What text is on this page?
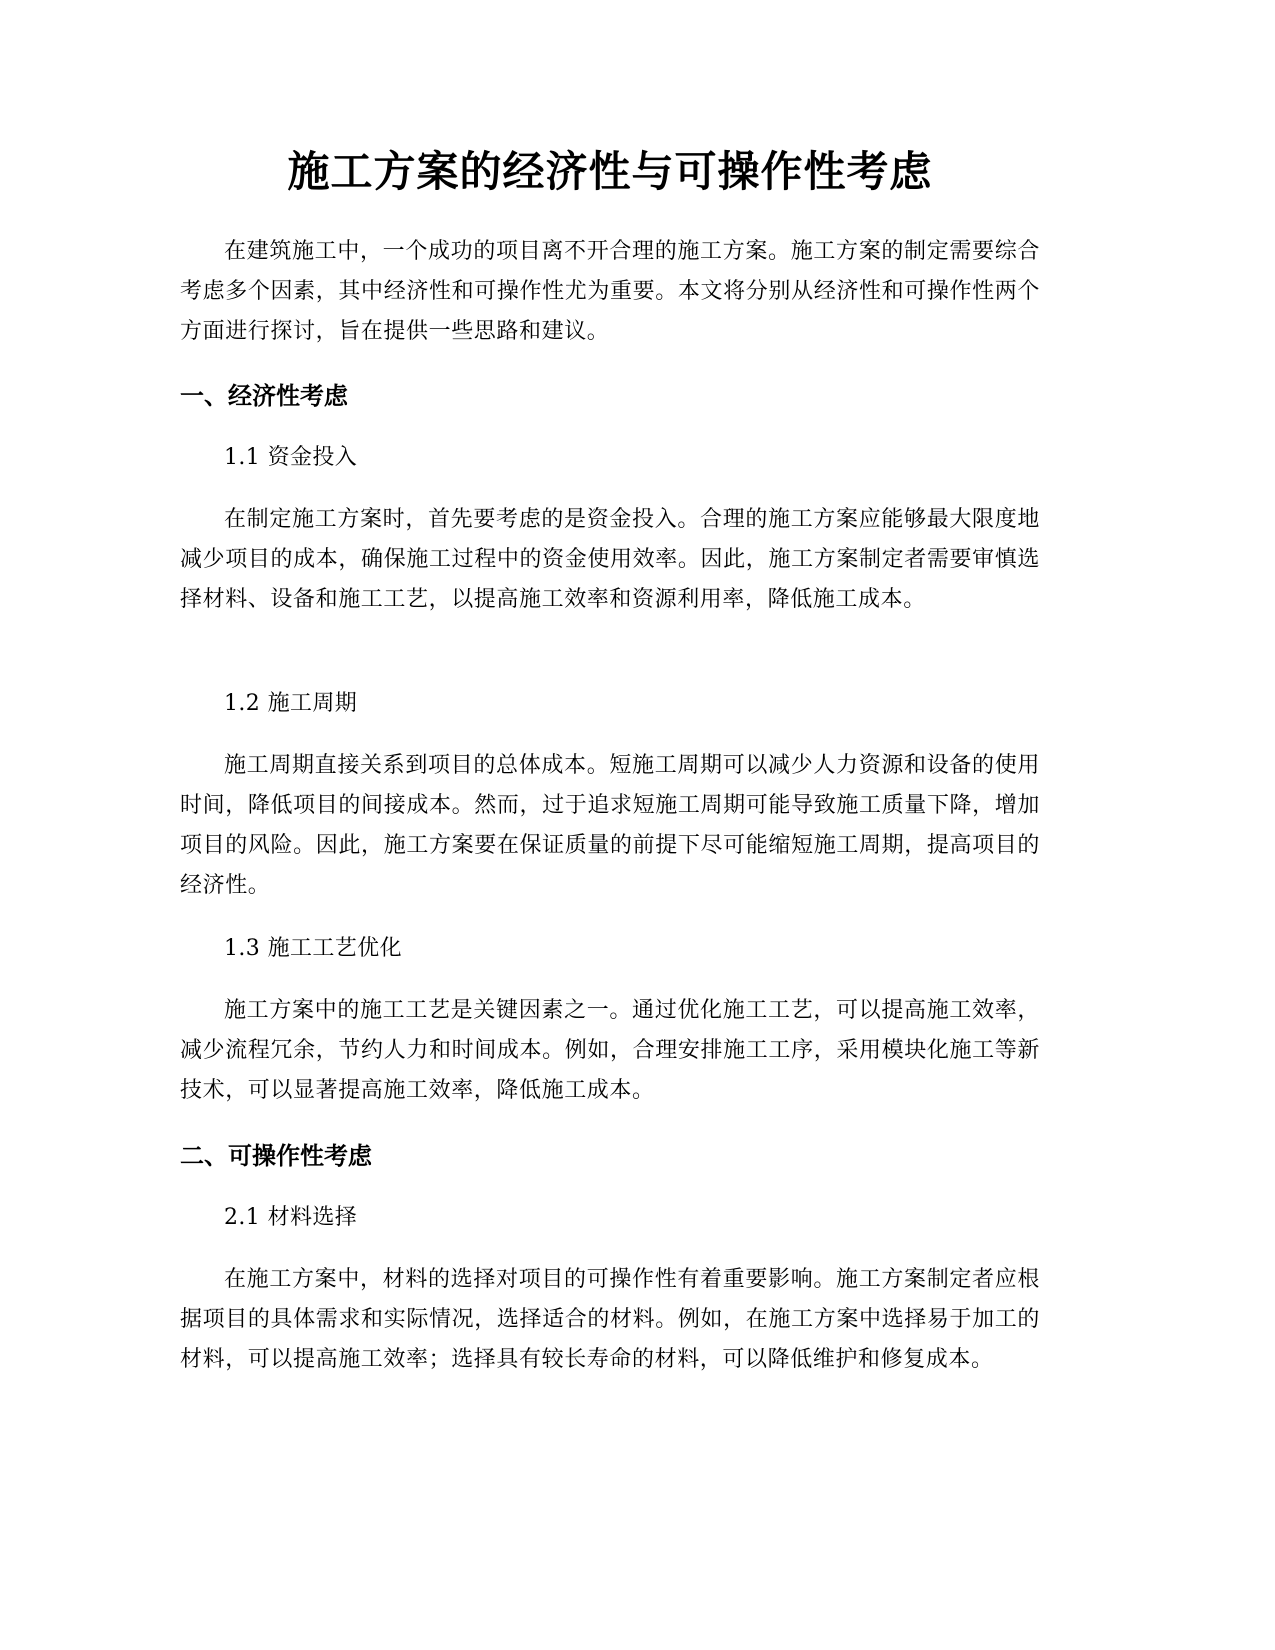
施工方案的经济性与可操作性考虑

在建筑施工中，一个成功的项目离不开合理的施工方案。施工方案的制定需要综合考虑多个因素，其中经济性和可操作性尤为重要。本文将分别从经济性和可操作性两个方面进行探讨，旨在提供一些思路和建议。

一、经济性考虑

1.1 资金投入

在制定施工方案时，首先要考虑的是资金投入。合理的施工方案应能够最大限度地减少项目的成本，确保施工过程中的资金使用效率。因此，施工方案制定者需要审慎选择材料、设备和施工工艺，以提高施工效率和资源利用率，降低施工成本。

1.2 施工周期

施工周期直接关系到项目的总体成本。短施工周期可以减少人力资源和设备的使用时间，降低项目的间接成本。然而，过于追求短施工周期可能导致施工质量下降，增加项目的风险。因此，施工方案要在保证质量的前提下尽可能缩短施工周期，提高项目的经济性。

1.3 施工工艺优化

施工方案中的施工工艺是关键因素之一。通过优化施工工艺，可以提高施工效率，减少流程冗余，节约人力和时间成本。例如，合理安排施工工序，采用模块化施工等新技术，可以显著提高施工效率，降低施工成本。

二、可操作性考虑

2.1 材料选择

在施工方案中，材料的选择对项目的可操作性有着重要影响。施工方案制定者应根据项目的具体需求和实际情况，选择适合的材料。例如，在施工方案中选择易于加工的材料，可以提高施工效率；选择具有较长寿命的材料，可以降低维护和修复成本。
